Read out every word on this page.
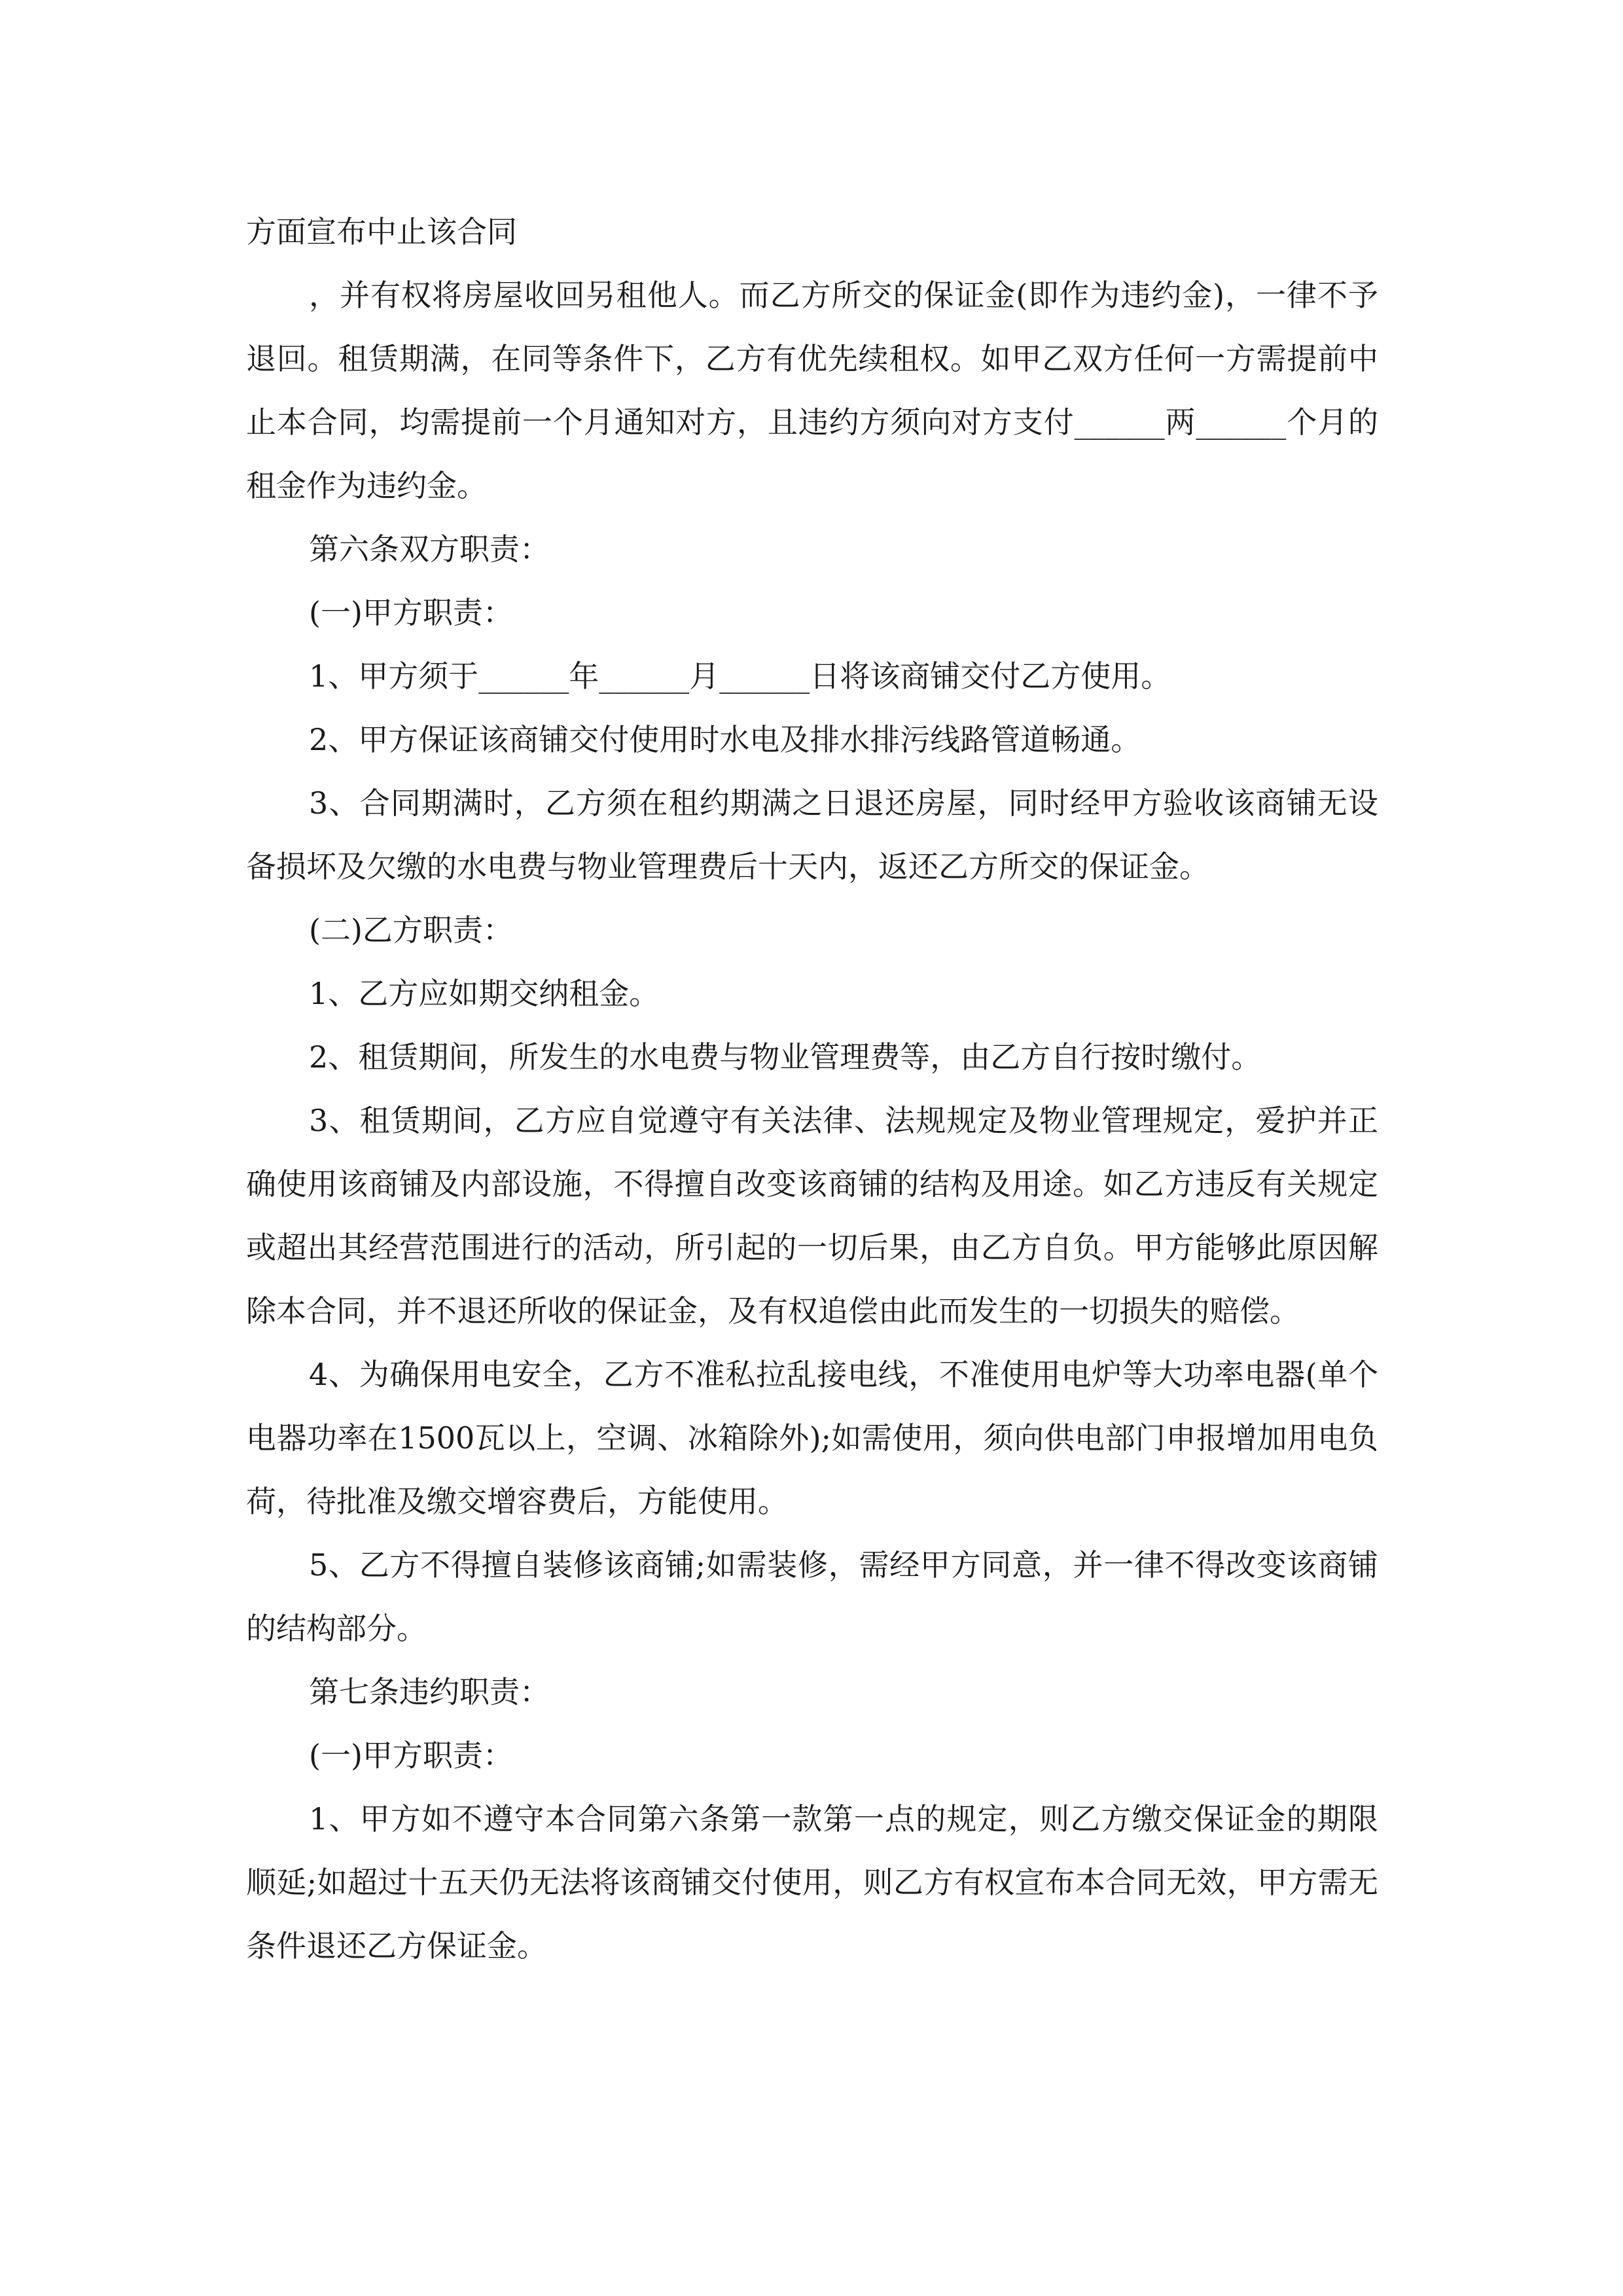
方面宣布中止该合同

，并有权将房屋收回另租他人。而乙方所交的保证金(即作为违约金)，一律不予退回。租赁期满，在同等条件下，乙方有优先续租权。如甲乙双方任何一方需提前中止本合同，均需提前一个月通知对方，且违约方须向对方支付______两______个月的租金作为违约金。

第六条双方职责：

(一)甲方职责：

1、甲方须于______年______月______日将该商铺交付乙方使用。

2、甲方保证该商铺交付使用时水电及排水排污线路管道畅通。

3、合同期满时，乙方须在租约期满之日退还房屋，同时经甲方验收该商铺无设备损坏及欠缴的水电费与物业管理费后十天内，返还乙方所交的保证金。

(二)乙方职责：

1、乙方应如期交纳租金。

2、租赁期间，所发生的水电费与物业管理费等，由乙方自行按时缴付。

3、租赁期间，乙方应自觉遵守有关法律、法规规定及物业管理规定，爱护并正确使用该商铺及内部设施，不得擅自改变该商铺的结构及用途。如乙方违反有关规定或超出其经营范围进行的活动，所引起的一切后果，由乙方自负。甲方能够此原因解除本合同，并不退还所收的保证金，及有权追偿由此而发生的一切损失的赔偿。

4、为确保用电安全，乙方不准私拉乱接电线，不准使用电炉等大功率电器(单个电器功率在1500瓦以上，空调、冰箱除外);如需使用，须向供电部门申报增加用电负荷，待批准及缴交增容费后，方能使用。

5、乙方不得擅自装修该商铺;如需装修，需经甲方同意，并一律不得改变该商铺的结构部分。

第七条违约职责：

(一)甲方职责：

1、甲方如不遵守本合同第六条第一款第一点的规定，则乙方缴交保证金的期限顺延;如超过十五天仍无法将该商铺交付使用，则乙方有权宣布本合同无效，甲方需无条件退还乙方保证金。
